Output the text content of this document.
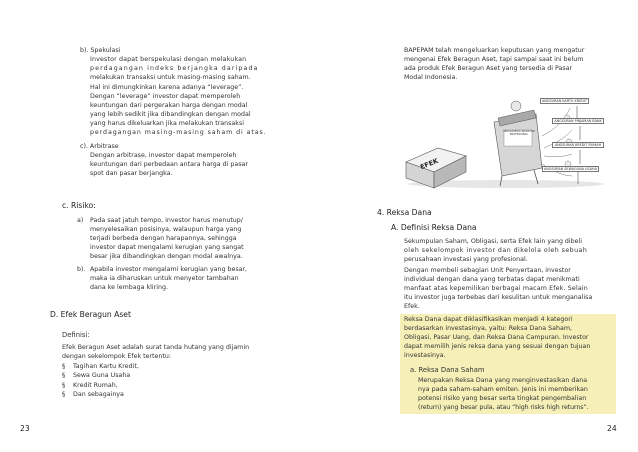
b). Spekulasi
Investor dapat berspekulasi dengan melakukan
perdagangan indeks berjangka daripada
melakukan transaksi untuk masing-masing saham.
Hal ini dimungkinkan karena adanya “leverage”.
Dengan “leverage” investor dapat memperoleh
keuntungan dari pergerakan harga dengan modal
yang lebih sedikit jika dibandingkan dengan modal
yang harus dikeluarkan jika melakukan transaksi
perdagangan masing-masing saham di atas.
c). Arbitrase
Dengan arbitrase, investor dapat memperoleh
keuntungan dari perbedaan antara harga di pasar
spot dan pasar berjangka.
c. Risiko:
a) Pada saat jatuh tempo, investor harus menutup/
menyelesaikan posisinya, walaupun harga yang
terjadi berbeda dengan harapannya, sehingga
investor dapat mengalami kerugian yang sangat
besar jika dibandingkan dengan modal awalnya.
b). Apabila investor mengalami kerugian yang besar,
maka ia diharuskan untuk menyetor tambahan
dana ke lembaga kliring.
D. Efek Beragun Aset
Definisi:
Efek Beragun Aset adalah surat tanda hutang yang dijamin
dengan sekelompok Efek tertentu:
§ Tagihan Kartu Kredit,
§ Sewa Guna Usaha
§ Kredit Rumah,
§ Dan sebagainya
23
BAPEPAM telah mengeluarkan keputusan yang mengatur
mengenai Efek Beragun Aset, tapi sampai saat ini belum
ada produk Efek Beragun Aset yang tersedia di Pasar
Modal Indonesia.
EFEK
SEKELOMPOK INVESTOR PROFESIONAL
ANGSURAN KARTU KREDIT
ANGSURAN PINJAMAN BANK
ANGSURAN KREDIT RUMAH
ANGSURAN SEWAGUNA USAHA
4. Reksa Dana
A. Definisi Reksa Dana
Sekumpulan Saham, Obligasi, serta Efek lain yang dibeli
oleh sekelompok investor dan dikelola oleh sebuah
perusahaan investasi yang profesional.
Dengan membeli sebagian Unit Penyertaan, investor
individual dengan dana yang terbatas dapat menikmati
manfaat atas kepemilikan berbagai macam Efek. Selain
itu investor juga terbebas dari kesulitan untuk menganalisa
Efek.
Reksa Dana dapat diklasifikasikan menjadi 4 kategori
berdasarkan investasinya, yaitu: Reksa Dana Saham,
Obligasi, Pasar Uang, dan Reksa Dana Campuran. Investor
dapat memilih jenis reksa dana yang sesuai dengan tujuan
investasinya.
a. Reksa Dana Saham
Merupakan Reksa Dana yang menginvestasikan dana
nya pada saham-saham emiten. Jenis ini memberikan
potensi risiko yang besar serta tingkat pengembalian
(return) yang besar pula, atau “high risks high returns”.
24
